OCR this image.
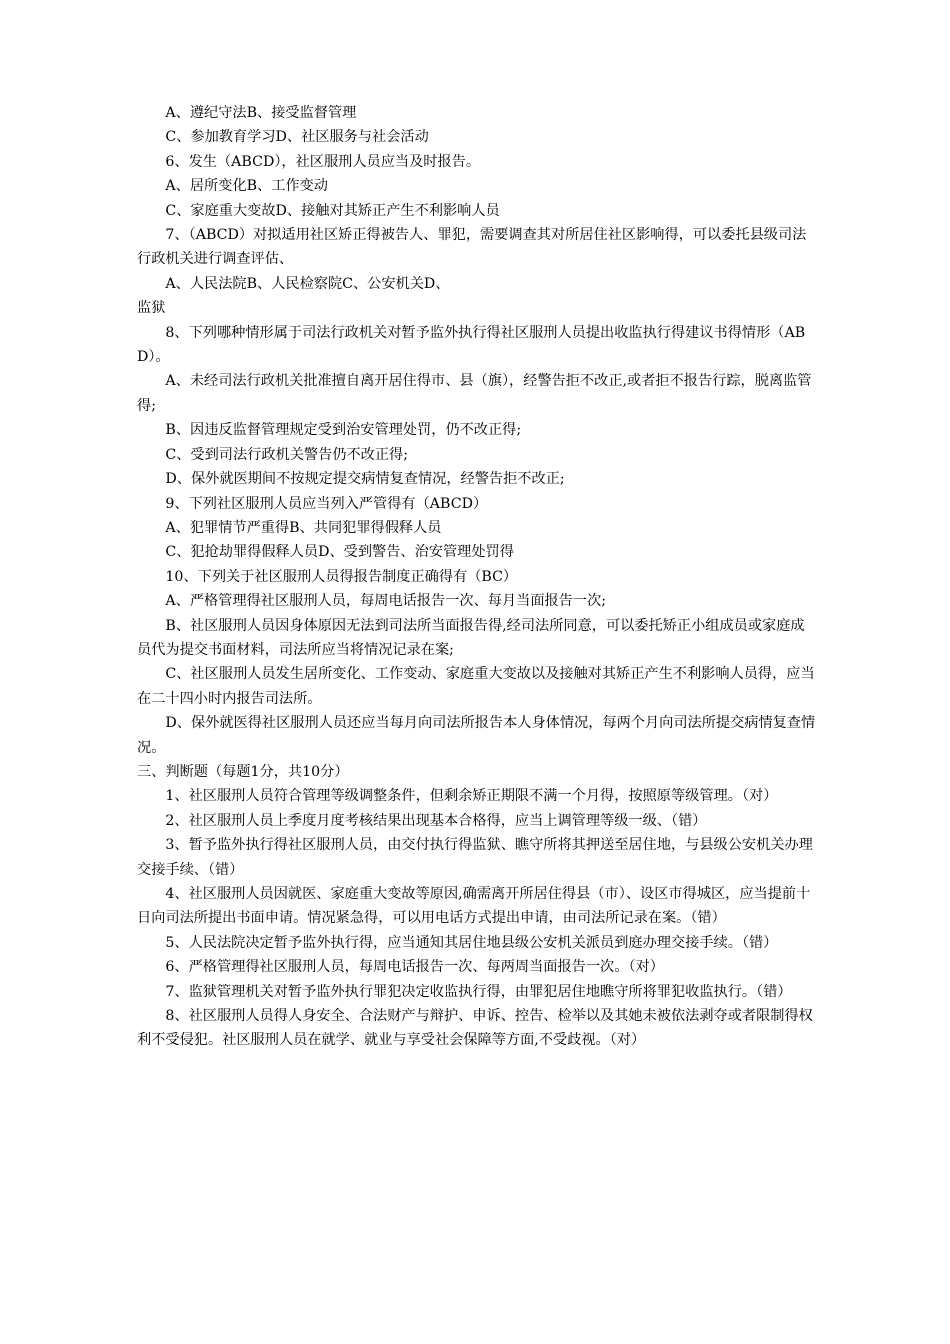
A、遵纪守法B、接受监督管理

C、参加教育学习D、社区服务与社会活动

6、发生（ABCD），社区服刑人员应当及时报告。

A、居所变化B、工作变动

C、家庭重大变故D、接触对其矫正产生不利影响人员

7、（ABCD）对拟适用社区矫正得被告人、罪犯，需要调查其对所居住社区影响得，可以委托县级司法行政机关进行调查评估、

A、人民法院B、人民检察院C、公安机关D、

监狱

8、下列哪种情形属于司法行政机关对暂予监外执行得社区服刑人员提出收监执行得建议书得情形（ABD）。

A、未经司法行政机关批准擅自离开居住得市、县（旗），经警告拒不改正,或者拒不报告行踪，脱离监管得;

B、因违反监督管理规定受到治安管理处罚，仍不改正得;

C、受到司法行政机关警告仍不改正得;

D、保外就医期间不按规定提交病情复查情况，经警告拒不改正;

9、下列社区服刑人员应当列入严管得有（ABCD）

A、犯罪情节严重得B、共同犯罪得假释人员

C、犯抢劫罪得假释人员D、受到警告、治安管理处罚得

10、下列关于社区服刑人员得报告制度正确得有（BC）

A、严格管理得社区服刑人员，每周电话报告一次、每月当面报告一次;

B、社区服刑人员因身体原因无法到司法所当面报告得,经司法所同意，可以委托矫正小组成员或家庭成员代为提交书面材料，司法所应当将情况记录在案;

C、社区服刑人员发生居所变化、工作变动、家庭重大变故以及接触对其矫正产生不利影响人员得，应当在二十四小时内报告司法所。

D、保外就医得社区服刑人员还应当每月向司法所报告本人身体情况，每两个月向司法所提交病情复查情况。

三、判断题（每题1分，共10分）

1、社区服刑人员符合管理等级调整条件，但剩余矫正期限不满一个月得，按照原等级管理。（对）

2、社区服刑人员上季度月度考核结果出现基本合格得，应当上调管理等级一级、（错）

3、暂予监外执行得社区服刑人员，由交付执行得监狱、瞧守所将其押送至居住地，与县级公安机关办理交接手续、（错）

4、社区服刑人员因就医、家庭重大变故等原因,确需离开所居住得县（市）、设区市得城区，应当提前十日向司法所提出书面申请。情况紧急得，可以用电话方式提出申请，由司法所记录在案。（错）

5、人民法院决定暂予监外执行得，应当通知其居住地县级公安机关派员到庭办理交接手续。（错）

6、严格管理得社区服刑人员，每周电话报告一次、每两周当面报告一次。（对）

7、监狱管理机关对暂予监外执行罪犯决定收监执行得，由罪犯居住地瞧守所将罪犯收监执行。（错）

8、社区服刑人员得人身安全、合法财产与辩护、申诉、控告、检举以及其她未被依法剥夺或者限制得权利不受侵犯。社区服刑人员在就学、就业与享受社会保障等方面,不受歧视。（对）
